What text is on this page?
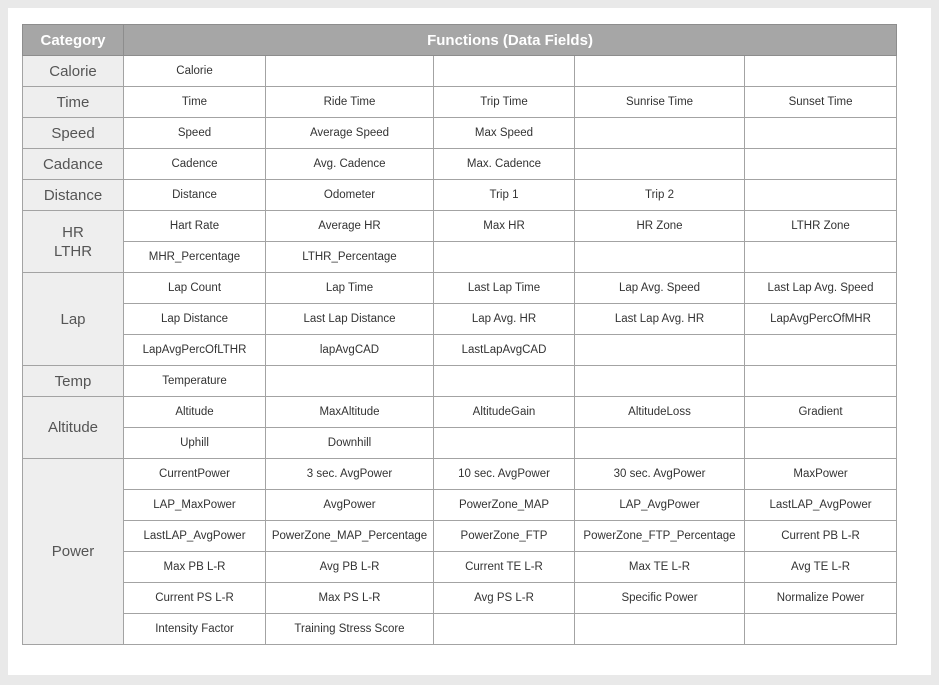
Category	Functions (Data Fields)				
Calorie	Calorie				
Time	Time	Ride Time	Trip Time	Sunrise Time	Sunset Time
Speed	Speed	Average Speed	Max Speed		
Cadance	Cadence	Avg. Cadence	Max. Cadence		
Distance	Distance	Odometer	Trip 1	Trip 2	
HR
LTHR	Hart Rate	Average HR	Max HR	HR Zone	LTHR Zone
	MHR_Percentage	LTHR_Percentage			
Lap	Lap Count	Lap Time	Last Lap Time	Lap Avg. Speed	Last Lap Avg. Speed
	Lap Distance	Last Lap Distance	Lap Avg. HR	Last Lap Avg. HR	LapAvgPercOfMHR
	LapAvgPercOfLTHR	lapAvgCAD	LastLapAvgCAD		
Temp	Temperature				
Altitude	Altitude	MaxAltitude	AltitudeGain	AltitudeLoss	Gradient
	Uphill	Downhill			
Power	CurrentPower	3 sec. AvgPower	10 sec. AvgPower	30 sec. AvgPower	MaxPower
	LAP_MaxPower	AvgPower	PowerZone_MAP	LAP_AvgPower	LastLAP_AvgPower
	LastLAP_AvgPower	PowerZone_MAP_Percentage	PowerZone_FTP	PowerZone_FTP_Percentage	Current PB L-R
	Max PB L-R	Avg PB L-R	Current TE L-R	Max TE L-R	Avg TE L-R
	Current PS L-R	Max PS L-R	Avg PS L-R	Specific Power	Normalize Power
	Intensity Factor	Training Stress Score			
